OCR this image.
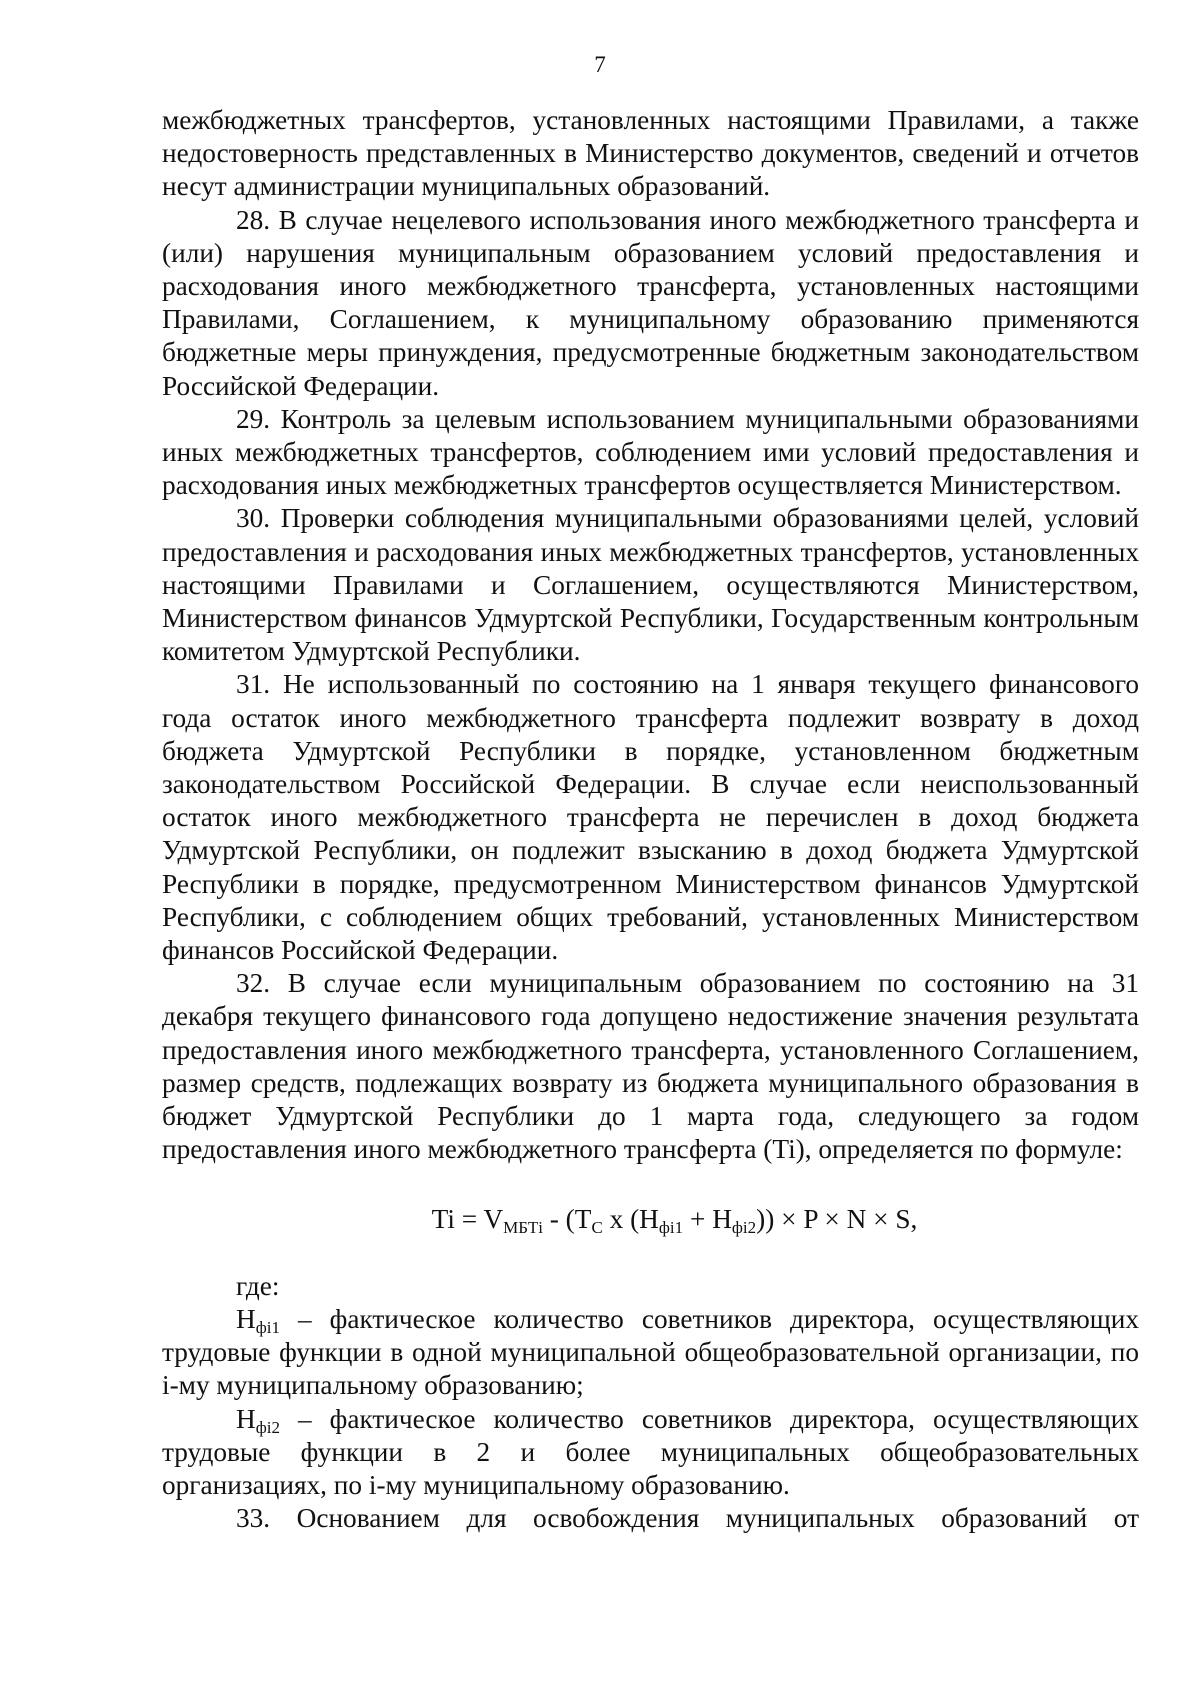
7

межбюджетных трансфертов, установленных настоящими Правилами, а также недостоверность представленных в Министерство документов, сведений и отчетов несут администрации муниципальных образований.

28. В случае нецелевого использования иного межбюджетного трансферта и (или) нарушения муниципальным образованием условий предоставления и расходования иного межбюджетного трансферта, установленных настоящими Правилами, Соглашением, к муниципальному образованию применяются бюджетные меры принуждения, предусмотренные бюджетным законодательством Российской Федерации.

29. Контроль за целевым использованием муниципальными образованиями иных межбюджетных трансфертов, соблюдением ими условий предоставления и расходования иных межбюджетных трансфертов осуществляется Министерством.

30. Проверки соблюдения муниципальными образованиями целей, условий предоставления и расходования иных межбюджетных трансфертов, установленных настоящими Правилами и Соглашением, осуществляются Министерством, Министерством финансов Удмуртской Республики, Государственным контрольным комитетом Удмуртской Республики.

31. Не использованный по состоянию на 1 января текущего финансового года остаток иного межбюджетного трансферта подлежит возврату в доход бюджета Удмуртской Республики в порядке, установленном бюджетным законодательством Российской Федерации. В случае если неиспользованный остаток иного межбюджетного трансферта не перечислен в доход бюджета Удмуртской Республики, он подлежит взысканию в доход бюджета Удмуртской Республики в порядке, предусмотренном Министерством финансов Удмуртской Республики, с соблюдением общих требований, установленных Министерством финансов Российской Федерации.

32. В случае если муниципальным образованием по состоянию на 31 декабря текущего финансового года допущено недостижение значения результата предоставления иного межбюджетного трансферта, установленного Соглашением, размер средств, подлежащих возврату из бюджета муниципального образования в бюджет Удмуртской Республики до 1 марта года, следующего за годом предоставления иного межбюджетного трансферта (Ti), определяется по формуле:

$Ti = V_{МБТi} - (T_C$ x $(Н_{фi1} + Н_{фi2})) \times P \times N \times S$,

где:

$Н_{фi1}$ – фактическое количество советников директора, осуществляющих трудовые функции в одной муниципальной общеобразовательной организации, по i-му муниципальному образованию;

$Н_{фi2}$ – фактическое количество советников директора, осуществляющих трудовые функции в 2 и более муниципальных общеобразовательных организациях, по i-му муниципальному образованию.

33. Основанием для освобождения муниципальных образований от
